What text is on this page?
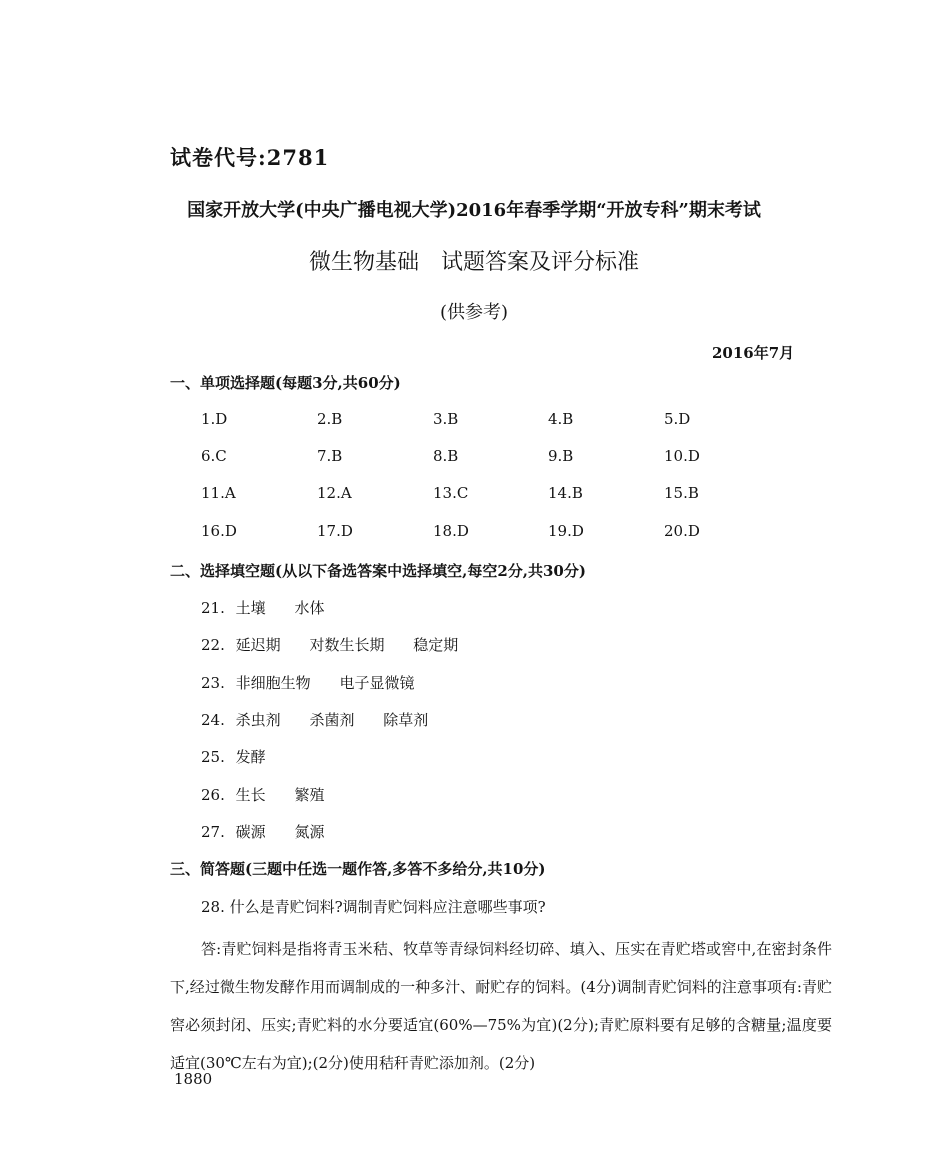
试卷代号:2781
国家开放大学(中央广播电视大学)2016年春季学期“开放专科”期末考试
微生物基础　试题答案及评分标准
(供参考)
2016年7月
一、单项选择题(每题3分,共60分)
1.D	2.B	3.B	4.B	5.D
6.C	7.B	8.B	9.B	10.D
11.A	12.A	13.C	14.B	15.B
16.D	17.D	18.D	19.D	20.D
二、选择填空题(从以下备选答案中选择填空,每空2分,共30分)
21. 土壤 水体
22. 延迟期 对数生长期 稳定期
23. 非细胞生物 电子显微镜
24. 杀虫剂 杀菌剂 除草剂
25. 发酵
26. 生长 繁殖
27. 碳源 氮源
三、简答题(三题中任选一题作答,多答不多给分,共10分)
28. 什么是青贮饲料?调制青贮饲料应注意哪些事项?

答:青贮饲料是指将青玉米秸、牧草等青绿饲料经切碎、填入、压实在青贮塔或窖中,在密封条件下,经过微生物发酵作用而调制成的一种多汁、耐贮存的饲料。(4分)调制青贮饲料的注意事项有:青贮窖必须封闭、压实;青贮料的水分要适宜(60%—75%为宜)(2分);青贮原料要有足够的含糖量;温度要适宜(30℃左右为宜);(2分)使用秸秆青贮添加剂。(2分)

1880
